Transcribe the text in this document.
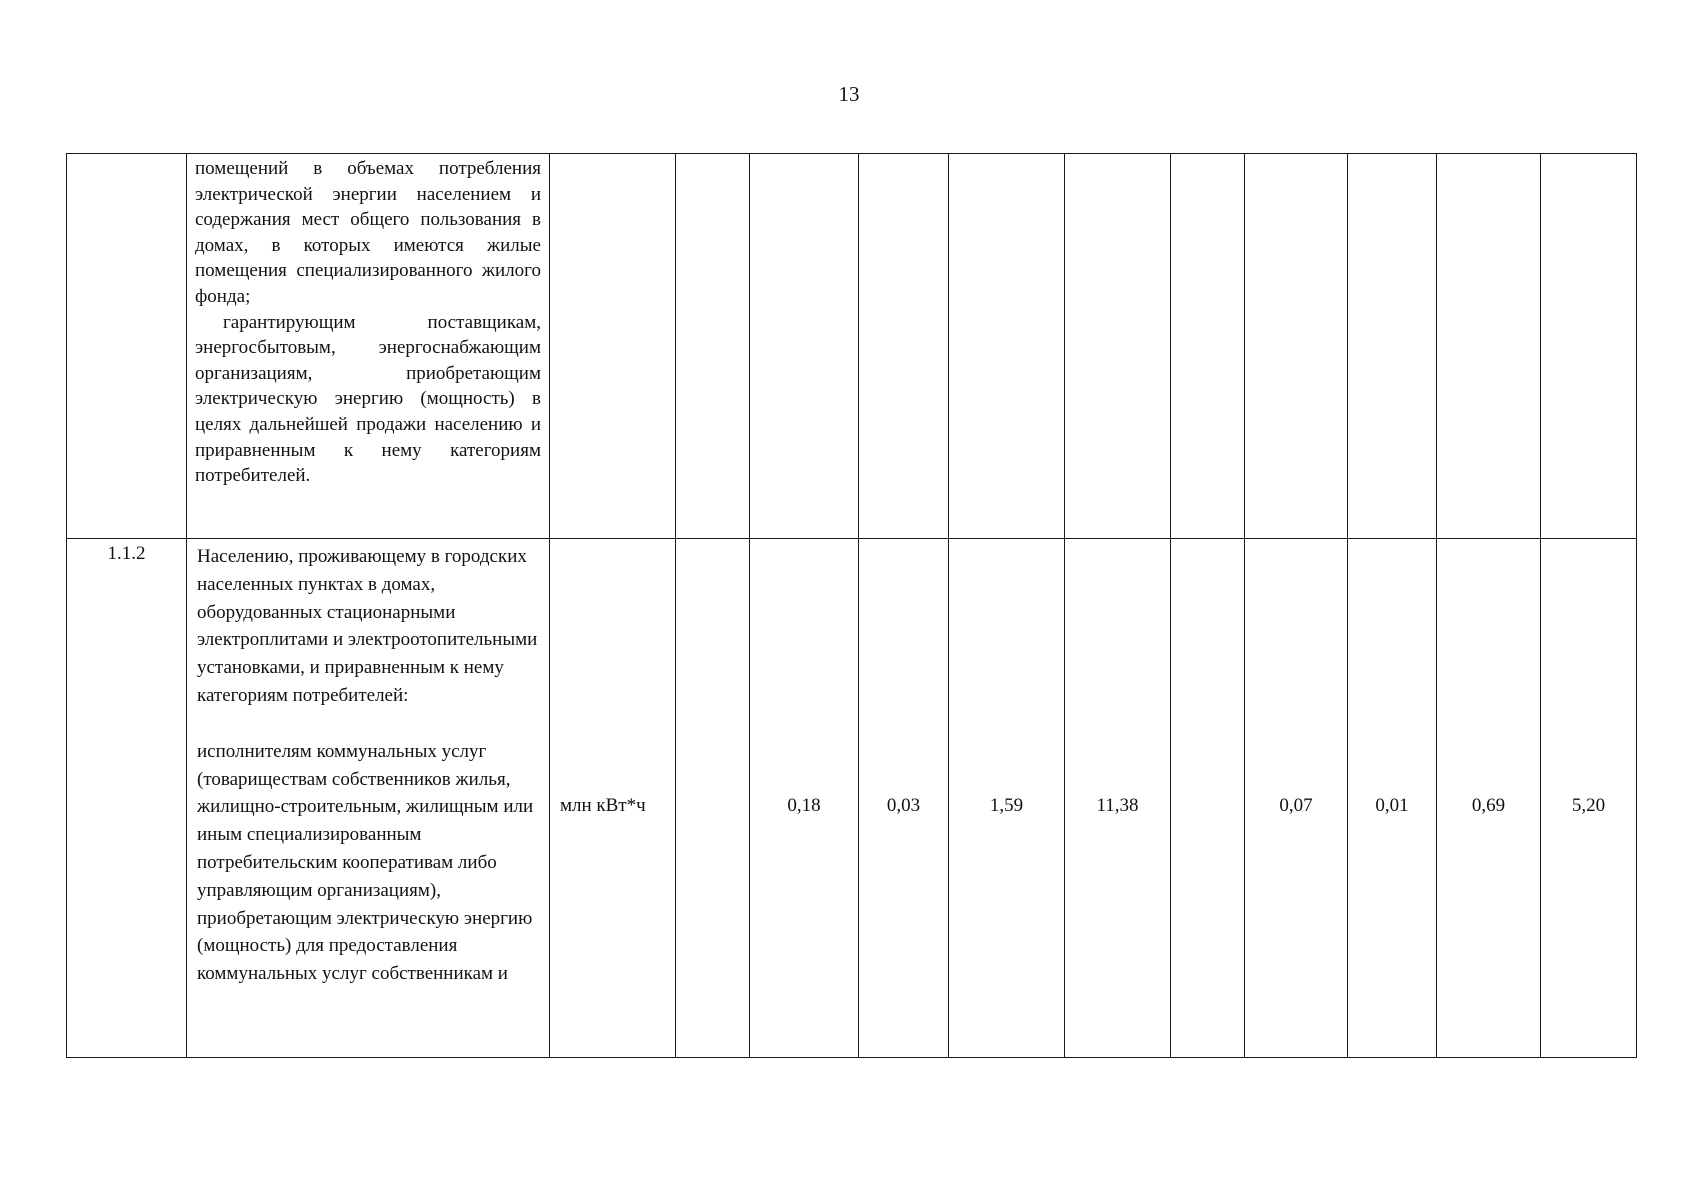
13

	помещений в объемах потребления электрической энергии населением и содержания мест общего пользования в домах, в которых имеются жилые помещения специализированного жилого фонда;

гарантирующим поставщикам, энергосбытовым, энергоснабжающим организациям, приобретающим электрическую энергию (мощность) в целях дальнейшей продажи населению и приравненным к нему категориям потребителей.											

1.1.2	Населению, проживающему в городских населенных пунктах в домах, оборудованных стационарными электроплитами и электроотопительными установками, и приравненным к нему категориям потребителей:

исполнителям коммунальных услуг (товариществам собственников жилья, жилищно-строительным, жилищным или иным специализированным потребительским кооперативам либо управляющим организациям), приобретающим электрическую энергию (мощность) для предоставления коммунальных услуг собственникам и	млн кВт*ч		0,18	0,03	1,59	11,38		0,07	0,01	0,69	5,20
